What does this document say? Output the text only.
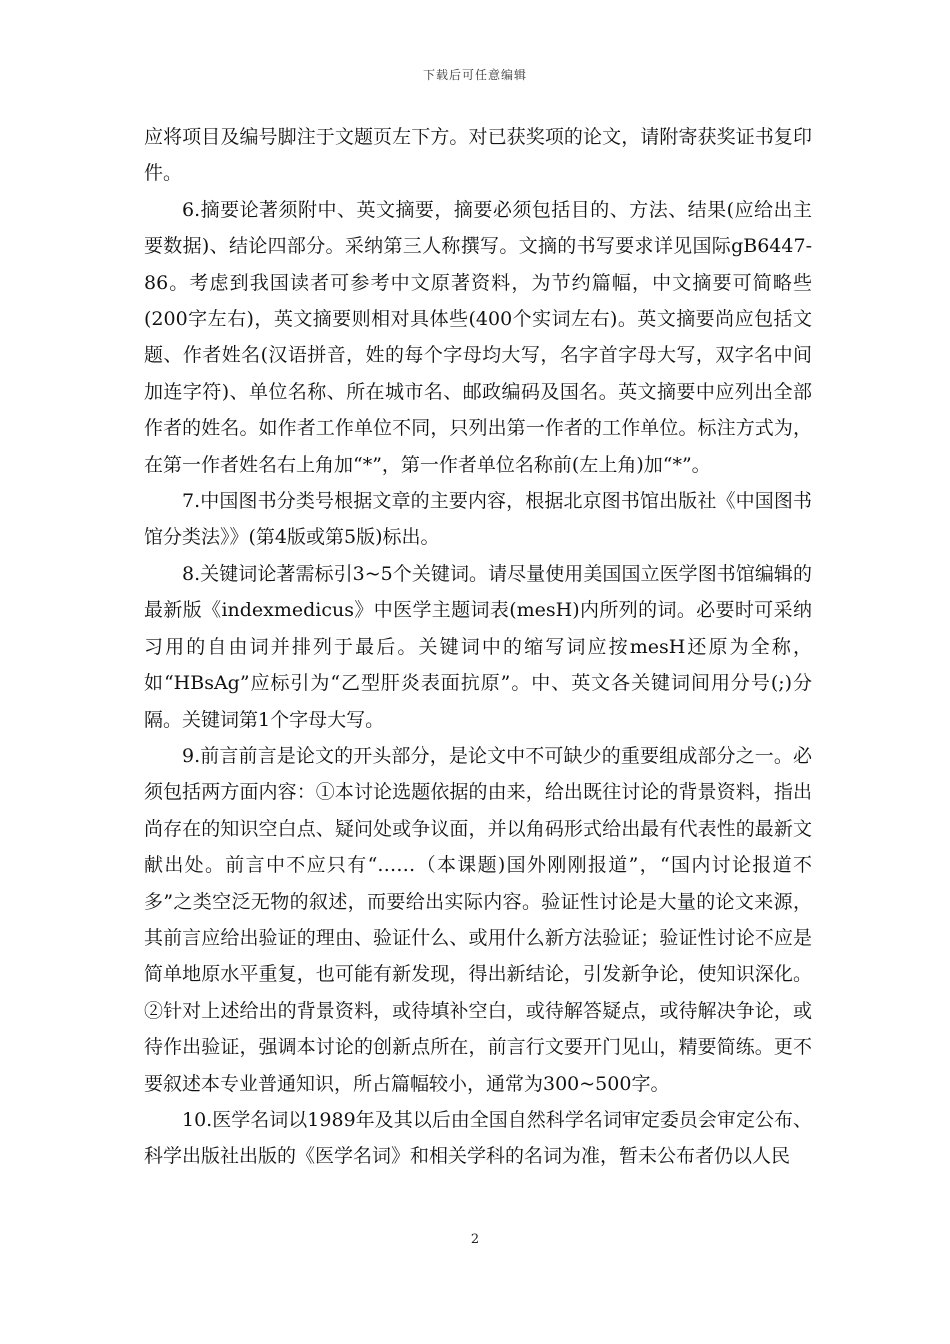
下载后可任意编辑

应将项目及编号脚注于文题页左下方。对已获奖项的论文，请附寄获奖证书复印件。

6.摘要论著须附中、英文摘要，摘要必须包括目的、方法、结果(应给出主要数据)、结论四部分。采纳第三人称撰写。文摘的书写要求详见国际gB6447-86。考虑到我国读者可参考中文原著资料，为节约篇幅，中文摘要可简略些(200字左右)，英文摘要则相对具体些(400个实词左右)。英文摘要尚应包括文题、作者姓名(汉语拼音，姓的每个字母均大写，名字首字母大写，双字名中间加连字符)、单位名称、所在城市名、邮政编码及国名。英文摘要中应列出全部作者的姓名。如作者工作单位不同，只列出第一作者的工作单位。标注方式为，在第一作者姓名右上角加“*”，第一作者单位名称前(左上角)加“*”。

7.中国图书分类号根据文章的主要内容，根据北京图书馆出版社《中国图书馆分类法》》(第4版或第5版)标出。

8.关键词论著需标引3~5个关键词。请尽量使用美国国立医学图书馆编辑的最新版《indexmedicus》中医学主题词表(mesH)内所列的词。必要时可采纳习用的自由词并排列于最后。关键词中的缩写词应按mesH还原为全称，如“HBsAg”应标引为“乙型肝炎表面抗原”。中、英文各关键词间用分号(;)分隔。关键词第1个字母大写。

9.前言前言是论文的开头部分，是论文中不可缺少的重要组成部分之一。必须包括两方面内容：①本讨论选题依据的由来，给出既往讨论的背景资料，指出尚存在的知识空白点、疑问处或争议面，并以角码形式给出最有代表性的最新文献出处。前言中不应只有“……（本课题)国外刚刚报道”，“国内讨论报道不多”之类空泛无物的叙述，而要给出实际内容。验证性讨论是大量的论文来源，其前言应给出验证的理由、验证什么、或用什么新方法验证；验证性讨论不应是简单地原水平重复，也可能有新发现，得出新结论，引发新争论，使知识深化。②针对上述给出的背景资料，或待填补空白，或待解答疑点，或待解决争论，或待作出验证，强调本讨论的创新点所在，前言行文要开门见山，精要简练。更不要叙述本专业普通知识，所占篇幅较小，通常为300~500字。

10.医学名词以1989年及其以后由全国自然科学名词审定委员会审定公布、科学出版社出版的《医学名词》和相关学科的名词为准，暂未公布者仍以人民

2
